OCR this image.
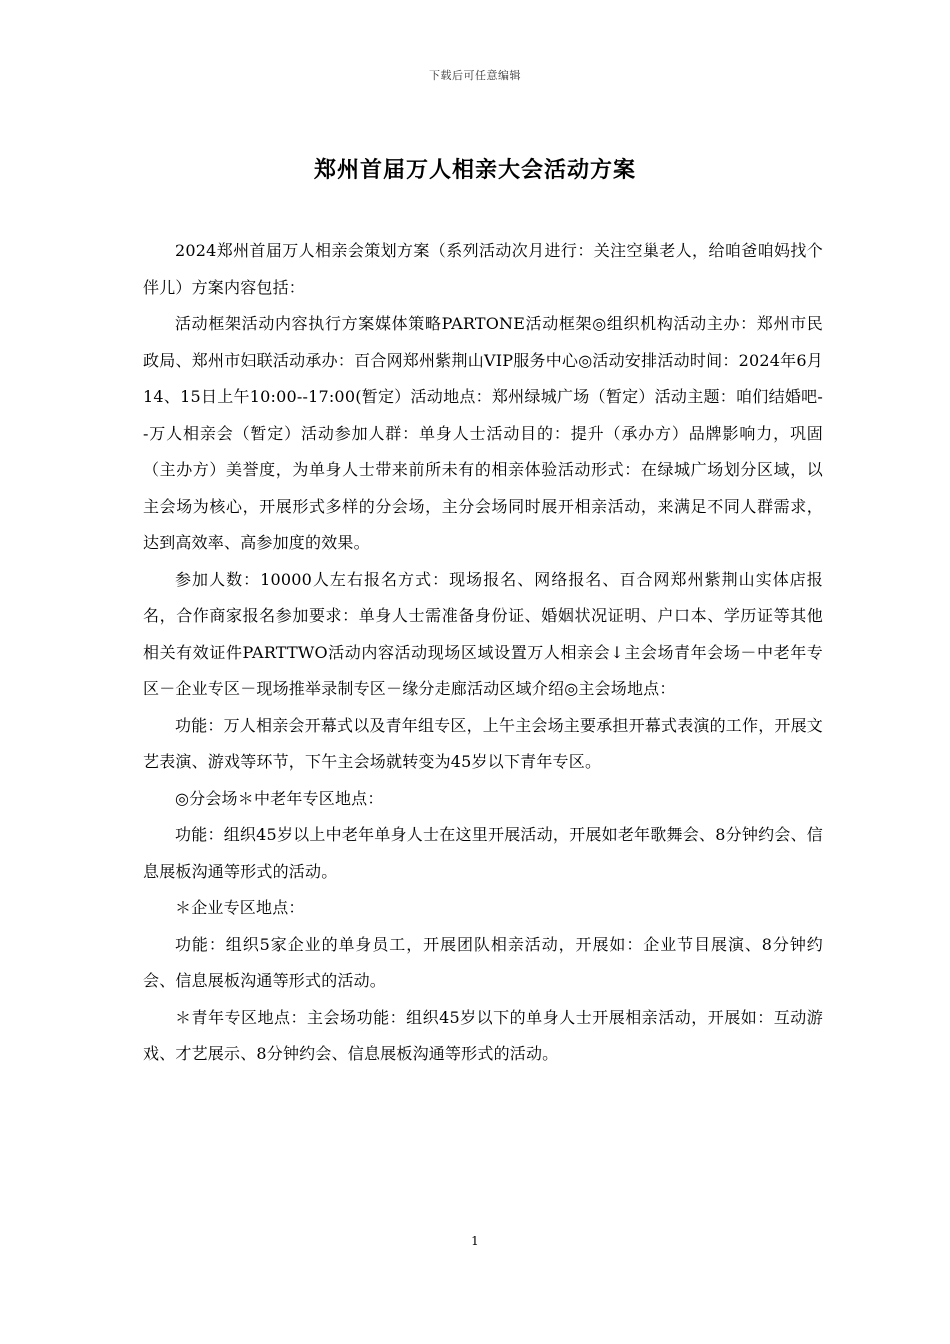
下载后可任意编辑
郑州首届万人相亲大会活动方案

2024郑州首届万人相亲会策划方案（系列活动次月进行：关注空巢老人，给咱爸咱妈找个伴儿）方案内容包括：

活动框架活动内容执行方案媒体策略PARTONE活动框架◎组织机构活动主办：郑州市民政局、郑州市妇联活动承办：百合网郑州紫荆山VIP服务中心◎活动安排活动时间：2024年6月14、15日上午10:00--17:00(暂定）活动地点：郑州绿城广场（暂定）活动主题：咱们结婚吧--万人相亲会（暂定）活动参加人群：单身人士活动目的：提升（承办方）品牌影响力，巩固（主办方）美誉度，为单身人士带来前所未有的相亲体验活动形式：在绿城广场划分区域，以主会场为核心，开展形式多样的分会场，主分会场同时展开相亲活动，来满足不同人群需求，达到高效率、高参加度的效果。

参加人数：10000人左右报名方式：现场报名、网络报名、百合网郑州紫荆山实体店报名，合作商家报名参加要求：单身人士需准备身份证、婚姻状况证明、户口本、学历证等其他相关有效证件PARTTWO活动内容活动现场区域设置万人相亲会↓主会场青年会场－中老年专区－企业专区－现场推举录制专区－缘分走廊活动区域介绍◎主会场地点：

功能：万人相亲会开幕式以及青年组专区，上午主会场主要承担开幕式表演的工作，开展文艺表演、游戏等环节，下午主会场就转变为45岁以下青年专区。

◎分会场＊中老年专区地点：

功能：组织45岁以上中老年单身人士在这里开展活动，开展如老年歌舞会、8分钟约会、信息展板沟通等形式的活动。

＊企业专区地点：

功能：组织5家企业的单身员工，开展团队相亲活动，开展如：企业节目展演、8分钟约会、信息展板沟通等形式的活动。

＊青年专区地点：主会场功能：组织45岁以下的单身人士开展相亲活动，开展如：互动游戏、才艺展示、8分钟约会、信息展板沟通等形式的活动。

1
